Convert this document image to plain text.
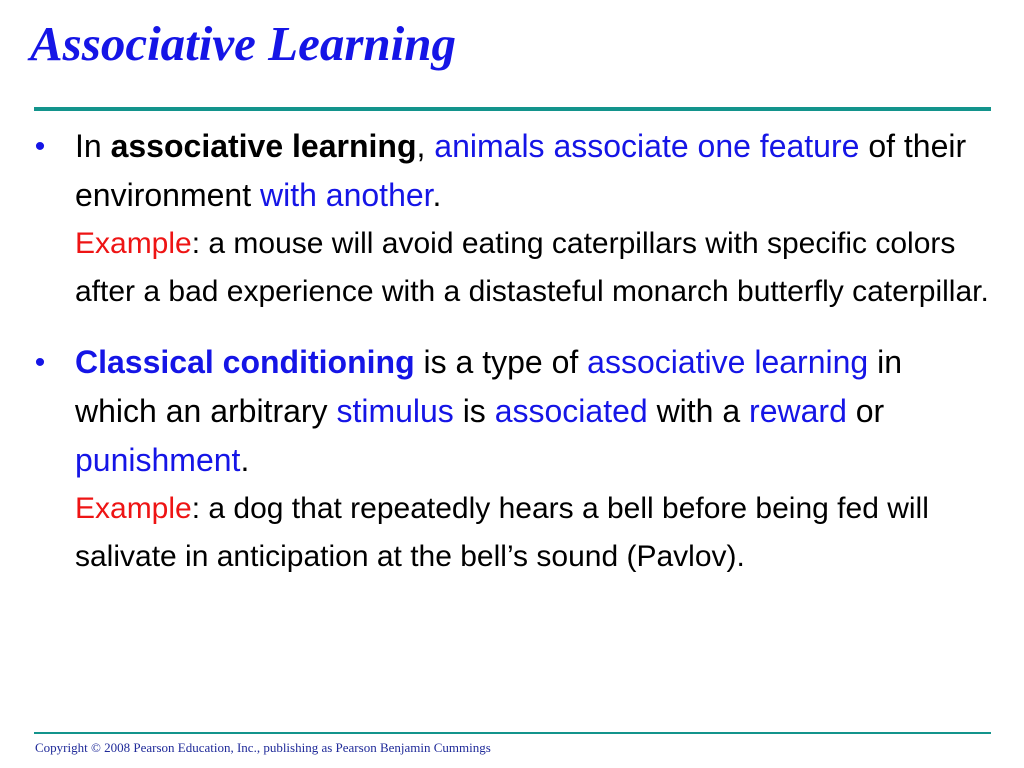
Associative Learning
• In associative learning, animals associate one feature of their environment with another.
Example: a mouse will avoid eating caterpillars with specific colors after a bad experience with a distasteful monarch butterfly caterpillar.
• Classical conditioning is a type of associative learning in which an arbitrary stimulus is associated with a reward or punishment.
Example: a dog that repeatedly hears a bell before being fed will salivate in anticipation at the bell’s sound (Pavlov).
Copyright © 2008 Pearson Education, Inc., publishing as Pearson Benjamin Cummings
